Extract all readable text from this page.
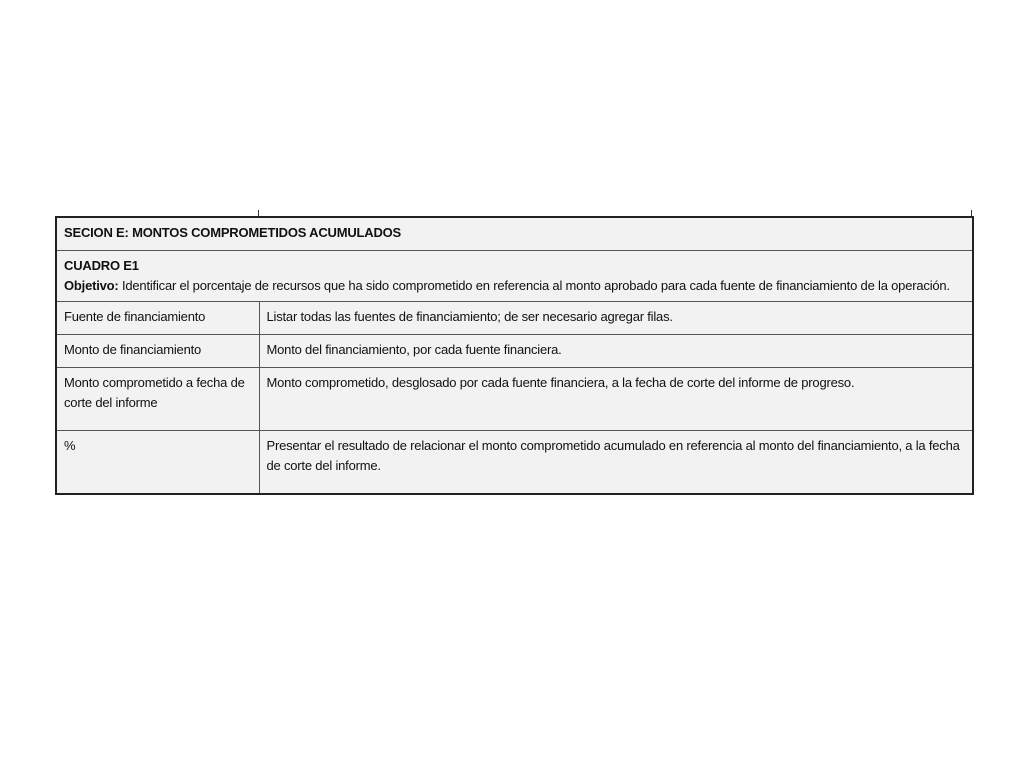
SECION E: MONTOS COMPROMETIDOS ACUMULADOS	

CUADRO E1
Objetivo: Identificar el porcentaje de recursos que ha sido comprometido en referencia al monto aprobado para cada fuente de financiamiento de la operación.	
Fuente de financiamiento	Listar todas las fuentes de financiamiento; de ser necesario agregar filas.
Monto de financiamiento	Monto del financiamiento, por cada fuente financiera.
Monto comprometido a fecha de corte del informe	Monto comprometido, desglosado por cada fuente financiera, a la fecha de corte del informe de progreso.
%	Presentar el resultado de relacionar el monto comprometido acumulado en referencia al monto del financiamiento, a la fecha de corte del informe.
